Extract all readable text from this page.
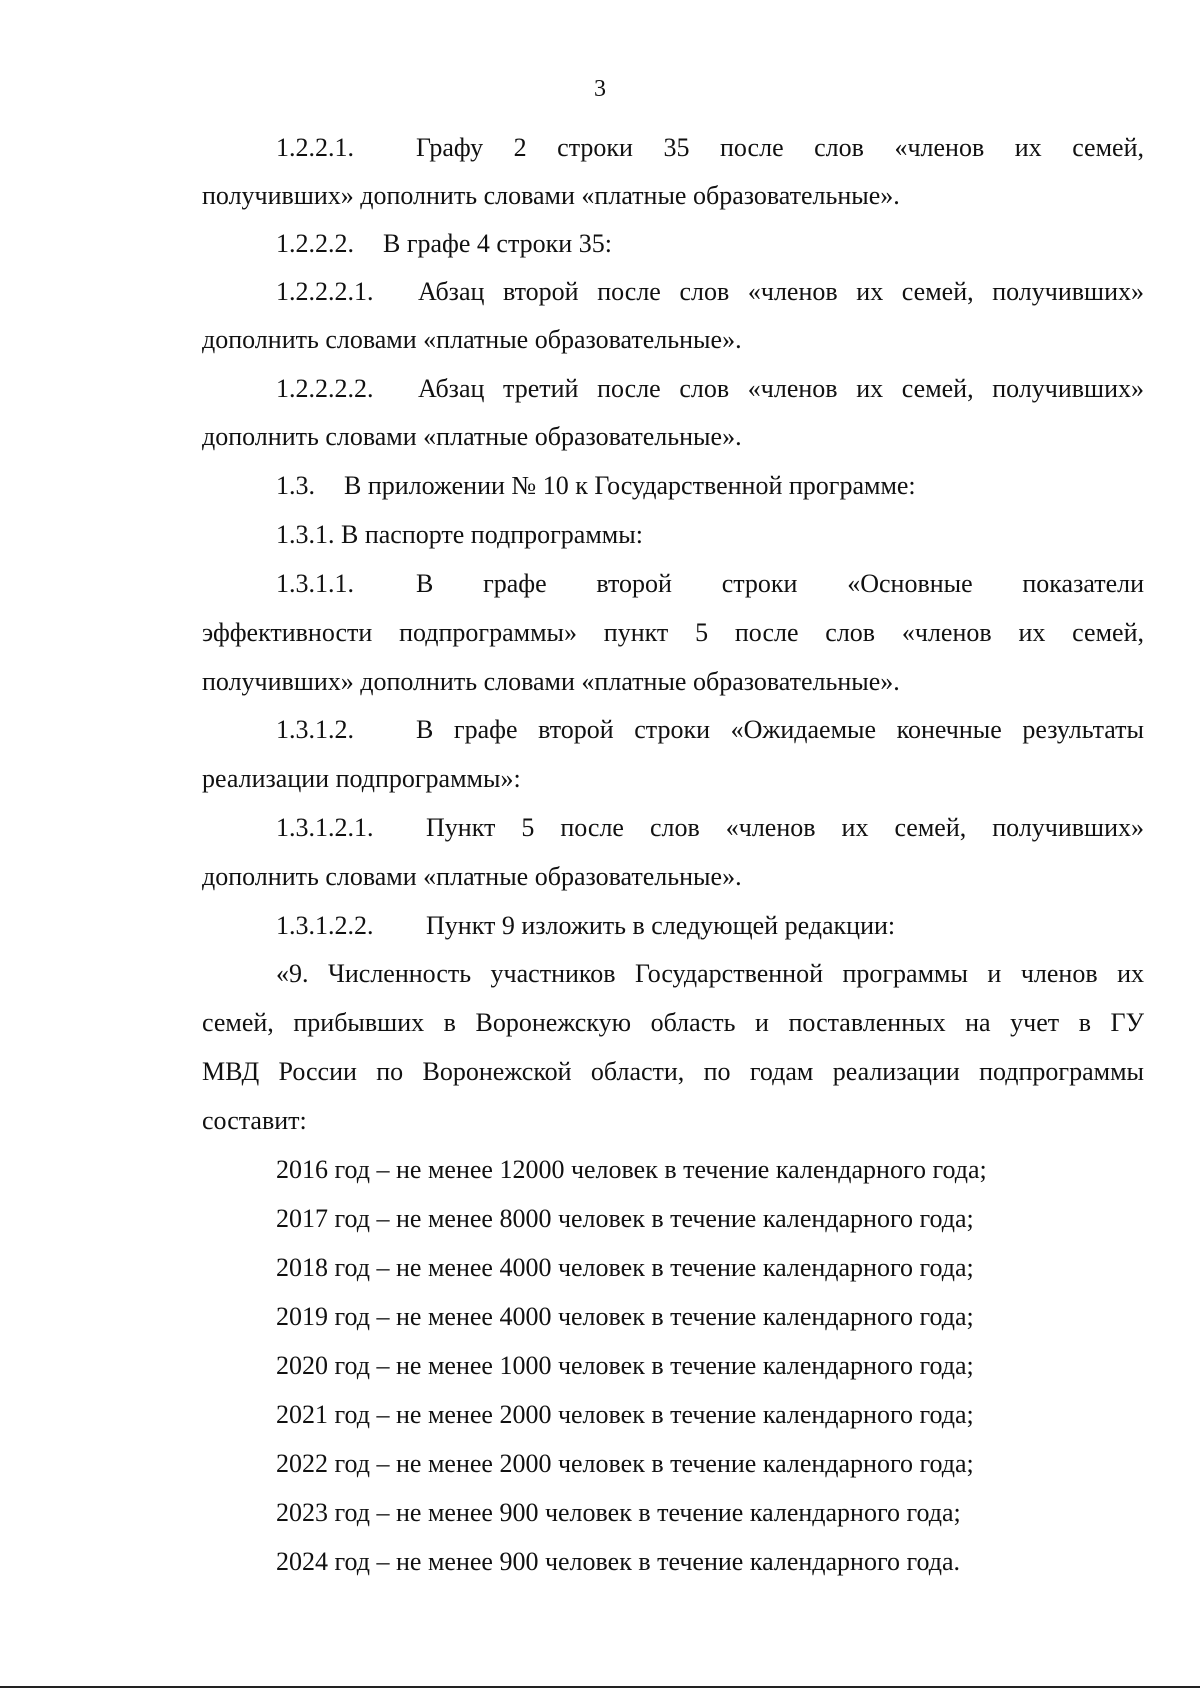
3
1.2.2.1. Графу 2 строки 35 после слов «членов их семей,
получивших» дополнить словами «платные образовательные».
1.2.2.2. В графе 4 строки 35:
1.2.2.2.1. Абзац второй после слов «членов их семей, получивших»
дополнить словами «платные образовательные».
1.2.2.2.2. Абзац третий после слов «членов их семей, получивших»
дополнить словами «платные образовательные».
1.3. В приложении № 10 к Государственной программе:
1.3.1. В паспорте подпрограммы:
1.3.1.1. В графе второй строки «Основные показатели
эффективности подпрограммы» пункт 5 после слов «членов их семей,
получивших» дополнить словами «платные образовательные».
1.3.1.2. В графе второй строки «Ожидаемые конечные результаты
реализации подпрограммы»:
1.3.1.2.1. Пункт 5 после слов «членов их семей, получивших»
дополнить словами «платные образовательные».
1.3.1.2.2. Пункт 9 изложить в следующей редакции:
«9. Численность участников Государственной программы и членов их
семей, прибывших в Воронежскую область и поставленных на учет в ГУ
МВД России по Воронежской области, по годам реализации подпрограммы
составит:
2016 год – не менее 12000 человек в течение календарного года;
2017 год – не менее 8000 человек в течение календарного года;
2018 год – не менее 4000 человек в течение календарного года;
2019 год – не менее 4000 человек в течение календарного года;
2020 год – не менее 1000 человек в течение календарного года;
2021 год – не менее 2000 человек в течение календарного года;
2022 год – не менее 2000 человек в течение календарного года;
2023 год – не менее 900 человек в течение календарного года;
2024 год – не менее 900 человек в течение календарного года.
